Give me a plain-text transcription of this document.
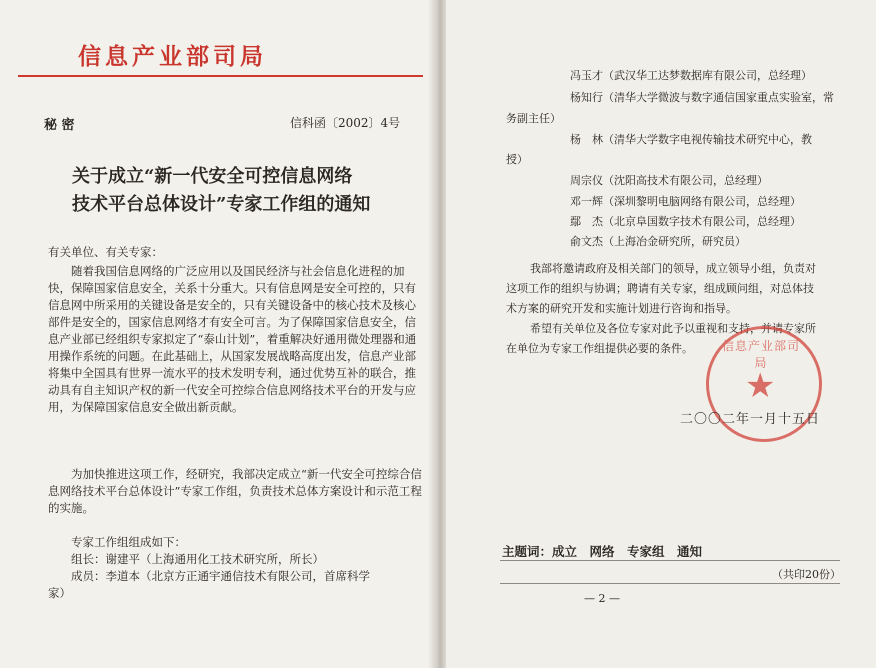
信息产业部司局
秘 密	信科函〔2002〕4号
关于成立“新一代安全可控信息网络
技术平台总体设计”专家工作组的通知
有关单位、有关专家：
随着我国信息网络的广泛应用以及国民经济与社会信息化进程的加快，保障国家信息安全，关系十分重大。只有信息网是安全可控的，只有信息网中所采用的关键设备是安全的，只有关键设备中的核心技术及核心部件是安全的，国家信息网络才有安全可言。为了保障国家信息安全，信息产业部已经组织专家拟定了“泰山计划”，着重解决好通用微处理器和通用操作系统的问题。在此基础上，从国家发展战略高度出发，信息产业部将集中全国具有世界一流水平的技术发明专利，通过优势互补的联合，推动具有自主知识产权的新一代安全可控综合信息网络技术平台的开发与应用，为保障国家信息安全做出新贡献。
为加快推进这项工作，经研究，我部决定成立“新一代安全可控综合信息网络技术平台总体设计”专家工作组，负责技术总体方案设计和示范工程的实施。
专家工作组组成如下：
组长：谢建平（上海通用化工技术研究所，所长）
成员：李道本（北京方正通宇通信技术有限公司，首席科学
家）
冯玉才（武汉华工达梦数据库有限公司，总经理）
杨知行（清华大学微波与数字通信国家重点实验室，常
务副主任）
杨　林（清华大学数字电视传输技术研究中心，教
授）
周宗仪（沈阳高技术有限公司，总经理）
邓一辉（深圳黎明电脑网络有限公司，总经理）
鄢　杰（北京阜国数字技术有限公司，总经理）
俞文杰（上海冶金研究所，研究员）
我部将邀请政府及相关部门的领导，成立领导小组，负责对
这项工作的组织与协调；聘请有关专家，组成顾问组，对总体技
术方案的研究开发和实施计划进行咨询和指导。
希望有关单位及各位专家对此予以重视和支持，并请专家所
在单位为专家工作组提供必要的条件。	信息产业部司局
★
二〇〇二年一月十五日
主题词：成立　网络　专家组　通知
（共印20份）
— 2 —
